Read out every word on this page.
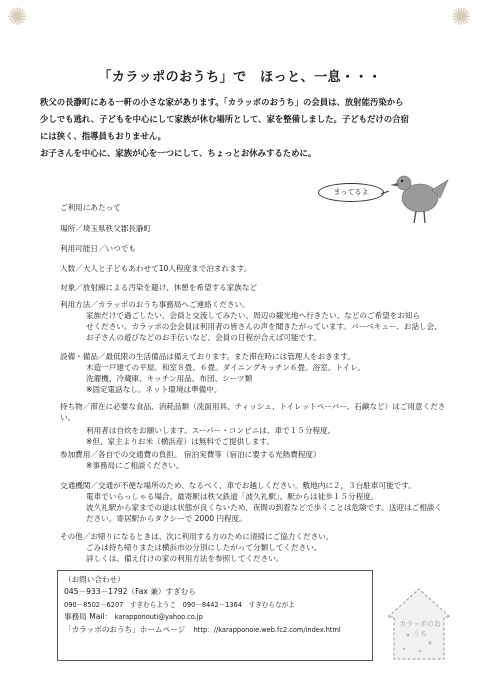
✺	✺
「カラッポのおうち」で　ほっと、一息・・・
秩父の長瀞町にある一軒の小さな家があります。「カラッポのおうち」の会員は、放射能汚染から
少しでも逃れ、子どもを中心にして家族が休む場所として、家を整備しました。子どもだけの合宿
には狭く、指導員もおりません。
お子さんを中心に、家族が心を一つにして、ちょっとお休みするために。
まってるよ
ご利用にあたって
場所／埼玉県秩父郡長瀞町
利用可能日／いつでも
人数／大人と子どもあわせて10人程度まで泊まれます。
対象／放射線による汚染を避け、休憩を希望する家族など
利用方法／カラッポのおうち事務局へご連絡ください。
家族だけで過ごしたい、会員と交流してみたい、周辺の観光地へ行きたい、などのご希望をお知ら
せください。カラッポの会会員は利用者の皆さんの声を聞きたがっています。バーベキュー、お話し会、
お子さんの遊びなどのお手伝いなど、会員の日程が合えば可能です。
設備・備品／最低限の生活備品は備えております。また滞在時には管理人をおきます。
木造一戸建ての平屋。和室８畳、６畳。ダイニングキッチン６畳。浴室。トイレ。
洗濯機、冷蔵庫、キッチン用品、布団、シーツ類
※固定電話なし。ネット環境は準備中。
持ち物／滞在に必要な食品、消耗品類（洗面用具、ティッシュ、トイレットペーパー、石鹸など）はご用意ください。
利用者は自炊をお願いします。スーパー・コンビニは、車で１５分程度。
※但、家主よりお米（横浜産）は無料でご提供します。
参加費用／各自での交通費の負担。 宿泊実費等（宿泊に要する光熱費程度）
※事務局にご相談ください。
交通機関／交通が不便な場所のため、なるべく、車でお越しください。敷地内に２，３台駐車可能です。
電車でいらっしゃる場合、最寄駅は秩父鉄道「波久礼駅」。駅からは徒歩１５分程度。
波久礼駅から家までの道は状態が良くないため、夜間の到着などで歩くことは危険です。送迎はご相談く
ださい。寄居駅からタクシーで 2000 円程度。
その他／お帰りになるときは、次に利用する方のために清掃にご協力ください。
ごみは持ち帰りまたは横浜市の分別にしたがって分類してください。
詳しくは、備え付けの家の利用方法を参照してください。
（お問い合わせ）
045－933－1792（Fax 兼）すぎむら
090－8502－6207　すぎむらようこ　090－8442－1364　すぎむらながよ
事務局 Mail： karapponouti@yahoo.co.jp
「カラッポのおうち」ホームページ http：//karapponoie.web.fc2.com/index.html
カラッポのおうち
